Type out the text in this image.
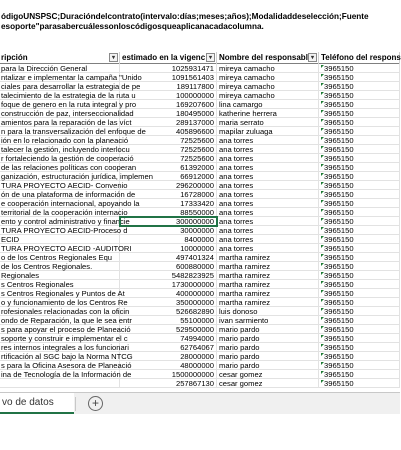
ódigoUNSPSC;Duracióndelcontrato(intervalo:días;meses;años);Modalidaddeselección;Fuente
esoporte"parasabercuálessonloscódigosqueaplicanacadacolumna.
ripción	▾ estimado en la vigenc ▾ Nombre del responsabl ▾ Teléfono del respons
para la Dirección General	1025931471 mireya camacho	3965150
ntalizar e implementar la campaña "Unido	1091561403 mireya camacho	3965150
ciales para desarrollar la estrategia de pe	189117800 mireya camacho	3965150
talecimiento de la estrategia de la ruta u	100000000 mireya camacho	3965150
foque de genero en la ruta integral y pro	169207600 lina camargo	3965150
construcción de paz, interseccionalidad	180495000 katherine herrera	3965150
amientos para la reparación de las víct	289137000 maria serrato	3965150
n para la transversalización del enfoque de	405896600 mapilar zuluaga	3965150
ión en lo relacionado con la planeació	72525600 ana torres	3965150
talecer la gestión, incluyendo interlocu	72525600 ana torres	3965150
r fortaleciendo la gestión de cooperació	72525600 ana torres	3965150
de las relaciones políticas con cooperan	61392000 ana torres	3965150
ganización, estructuración jurídica, implemen	66912000 ana torres	3965150
TURA PROYECTO AECID- Convenio	296200000 ana torres	3965150
ón de una plataforma de información de	16728000 ana torres	3965150
e cooperación internacional, apoyando la	17333420 ana torres	3965150
territorial de la cooperación internacio	88550000 ana torres	3965150
ento y control administrativo y financie	300000000 ana torres	3965150
TURA PROYECTO AECID-Proceso d	30000000 ana torres	3965150
ECID	8400000 ana torres	3965150
TURA PROYECTO AECID -AUDITORI	10000000 ana torres	3965150
o de los Centros Regionales Equ	497401324 martha ramirez	3965150
de los Centros Regionales.	600880000 martha ramirez	3965150
Regionales	5482823925 martha ramirez	3965150
s Centros Regionales	1730000000 martha ramirez	3965150
s Centros Regionales y Puntos de At	400000000 martha ramirez	3965150
o y funcionamiento de los Centros Re	350000000 martha ramirez	3965150
rofesionales relacionadas con la oficin	526682890 luis donoso	3965150
ondo de Reparación, la que le sea entr	55100000 ivan sarmiento	3965150
s para apoyar el proceso de Planeació	529500000 mario pardo	3965150
soporte y construir e implementar el c	74994000 mario pardo	3965150
res internos integrales a los funcionari	62764067 mario pardo	3965150
rtificación al SGC bajo la Norma NTCG	28000000 mario pardo	3965150
s para la Oficina Asesora de Planeació	48000000 mario pardo	3965150
ina de Tecnología de la Información de	1500000000 cesar gomez	3965150
257867130 cesar gomez	3965150
vo de datos	+
